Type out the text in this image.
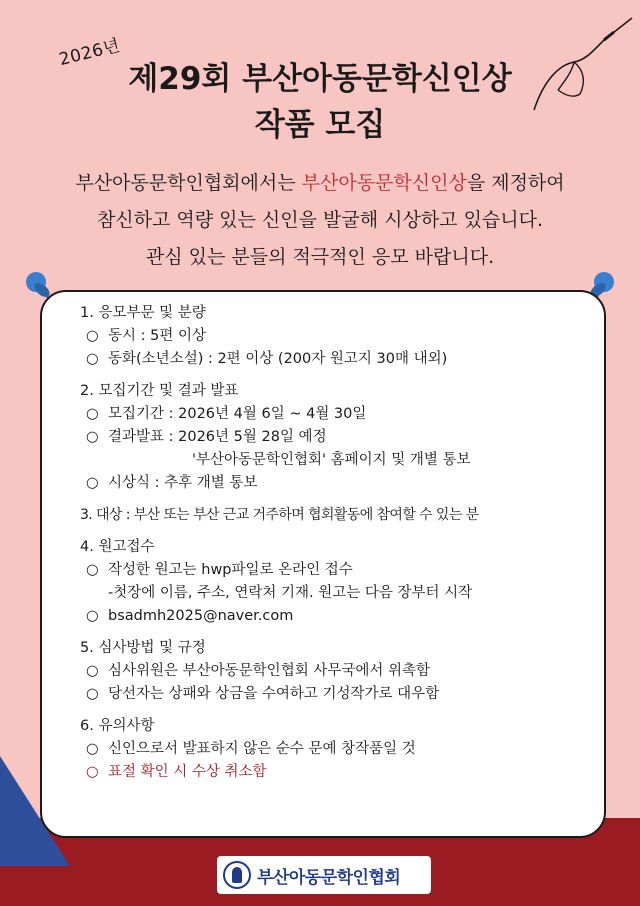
2026년
제29회 부산아동문학신인상
작품 모집
부산아동문학인협회에서는 부산아동문학신인상을 제정하여
참신하고 역량 있는 신인을 발굴해 시상하고 있습니다.
관심 있는 분들의 적극적인 응모 바랍니다.
1. 응모부문 및 분량
○ 동시 : 5편 이상
○ 동화(소년소설) : 2편 이상 (200자 원고지 30매 내외)
2. 모집기간 및 결과 발표
○ 모집기간 : 2026년 4월 6일 ~ 4월 30일
○ 결과발표 : 2026년 5월 28일 예정
'부산아동문학인협회' 홈페이지 및 개별 통보
○ 시상식 : 추후 개별 통보
3. 대상 : 부산 또는 부산 근교 거주하며 협회활동에 참여할 수 있는 분
4. 원고접수
○ 작성한 원고는 hwp파일로 온라인 접수
-첫장에 이름, 주소, 연락처 기재. 원고는 다음 장부터 시작
○ bsadmh2025@naver.com
5. 심사방법 및 규정
○ 심사위원은 부산아동문학인협회 사무국에서 위촉함
○ 당선자는 상패와 상금을 수여하고 기성작가로 대우함
6. 유의사항
○ 신인으로서 발표하지 않은 순수 문예 창작품일 것
○ 표절 확인 시 수상 취소함
부산아동문학인협회
